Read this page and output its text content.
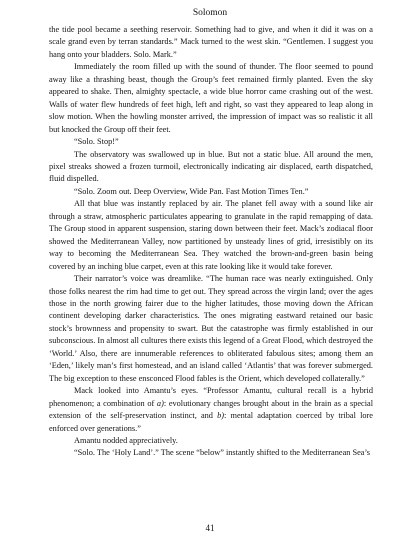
Solomon

the tide pool became a seething reservoir. Something had to give, and when it did it was on a scale grand even by terran standards.” Mack turned to the west skin. “Gentlemen. I suggest you hang onto your bladders. Solo. Mark.”

Immediately the room filled up with the sound of thunder. The floor seemed to pound away like a thrashing beast, though the Group’s feet remained firmly planted. Even the sky appeared to shake. Then, almighty spectacle, a wide blue horror came crashing out of the west. Walls of water flew hundreds of feet high, left and right, so vast they appeared to leap along in slow motion. When the howling monster arrived, the impression of impact was so realistic it all but knocked the Group off their feet.

“Solo. Stop!”

The observatory was swallowed up in blue. But not a static blue. All around the men, pixel streaks showed a frozen turmoil, electronically indicating air displaced, earth dispatched, fluid dispelled.

“Solo. Zoom out. Deep Overview, Wide Pan. Fast Motion Times Ten.”

All that blue was instantly replaced by air. The planet fell away with a sound like air through a straw, atmospheric particulates appearing to granulate in the rapid remapping of data. The Group stood in apparent suspension, staring down between their feet. Mack’s zodiacal floor showed the Mediterranean Valley, now partitioned by unsteady lines of grid, irresistibly on its way to becoming the Mediterranean Sea. They watched the brown-and-green basin being covered by an inching blue carpet, even at this rate looking like it would take forever.

Their narrator’s voice was dreamlike. “The human race was nearly extinguished. Only those folks nearest the rim had time to get out. They spread across the virgin land; over the ages those in the north growing fairer due to the higher latitudes, those moving down the African continent developing darker characteristics. The ones migrating eastward retained our basic stock’s brownness and propensity to swart. But the catastrophe was firmly established in our subconscious. In almost all cultures there exists this legend of a Great Flood, which destroyed the ‘World.’ Also, there are innumerable references to obliterated fabulous sites; among them an ‘Eden,’ likely man’s first homestead, and an island called ‘Atlantis’ that was forever submerged. The big exception to these ensconced Flood fables is the Orient, which developed collaterally.”

Mack looked into Amantu’s eyes. “Professor Amantu, cultural recall is a hybrid phenomenon; a combination of a): evolutionary changes brought about in the brain as a special extension of the self-preservation instinct, and b): mental adaptation coerced by tribal lore enforced over generations.”

Amantu nodded appreciatively.

“Solo. The ‘Holy Land’.” The scene “below” instantly shifted to the Mediterranean Sea’s

41
